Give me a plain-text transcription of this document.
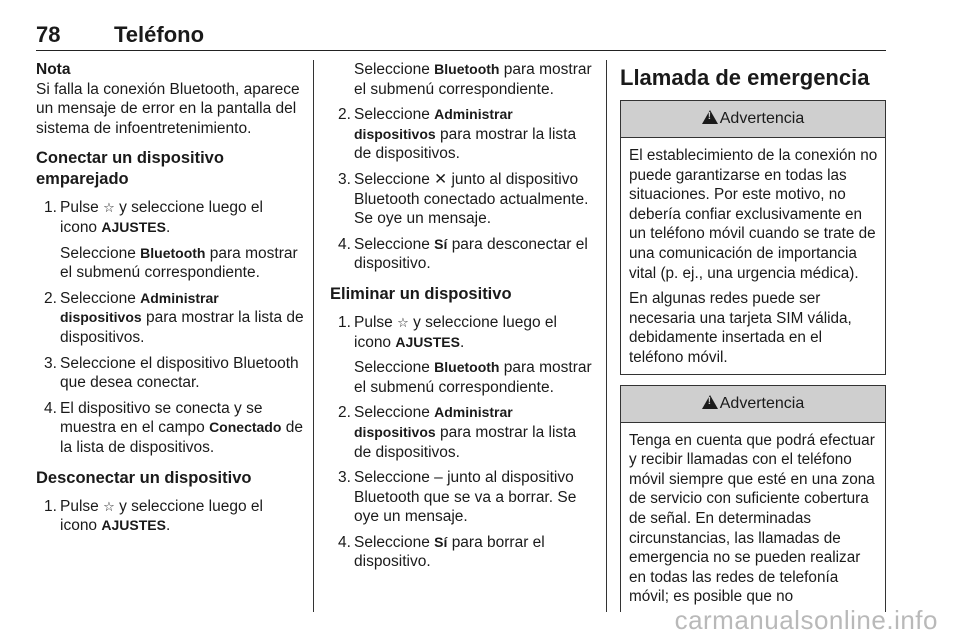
78 Teléfono
Nota
Si falla la conexión Bluetooth, aparece un mensaje de error en la pantalla del sistema de infoentretenimiento.
Conectar un dispositivo emparejado
1. Pulse ☆ y seleccione luego el icono AJUSTES.
Seleccione Bluetooth para mostrar el submenú correspondiente.
2. Seleccione Administrar dispositivos para mostrar la lista de dispositivos.
3. Seleccione el dispositivo Bluetooth que desea conectar.
4. El dispositivo se conecta y se muestra en el campo Conectado de la lista de dispositivos.
Desconectar un dispositivo
1. Pulse ☆ y seleccione luego el icono AJUSTES.
Seleccione Bluetooth para mostrar el submenú correspondiente.
2. Seleccione Administrar dispositivos para mostrar la lista de dispositivos.
3. Seleccione ✕ junto al dispositivo Bluetooth conectado actualmente. Se oye un mensaje.
4. Seleccione Sí para desconectar el dispositivo.
Eliminar un dispositivo
1. Pulse ☆ y seleccione luego el icono AJUSTES.
Seleccione Bluetooth para mostrar el submenú correspondiente.
2. Seleccione Administrar dispositivos para mostrar la lista de dispositivos.
3. Seleccione – junto al dispositivo Bluetooth que se va a borrar. Se oye un mensaje.
4. Seleccione Sí para borrar el dispositivo.
Llamada de emergencia
!Advertencia

El establecimiento de la conexión no puede garantizarse en todas las situaciones. Por este motivo, no debería confiar exclusivamente en un teléfono móvil cuando se trate de una comunicación de importancia vital (p. ej., una urgencia médica).

En algunas redes puede ser necesaria una tarjeta SIM válida, debidamente insertada en el teléfono móvil.

!Advertencia

Tenga en cuenta que podrá efectuar y recibir llamadas con el teléfono móvil siempre que esté en una zona de servicio con suficiente cobertura de señal. En determinadas circunstancias, las llamadas de emergencia no se pueden realizar en todas las redes de telefonía móvil; es posible que no

carmanualsonline.info
